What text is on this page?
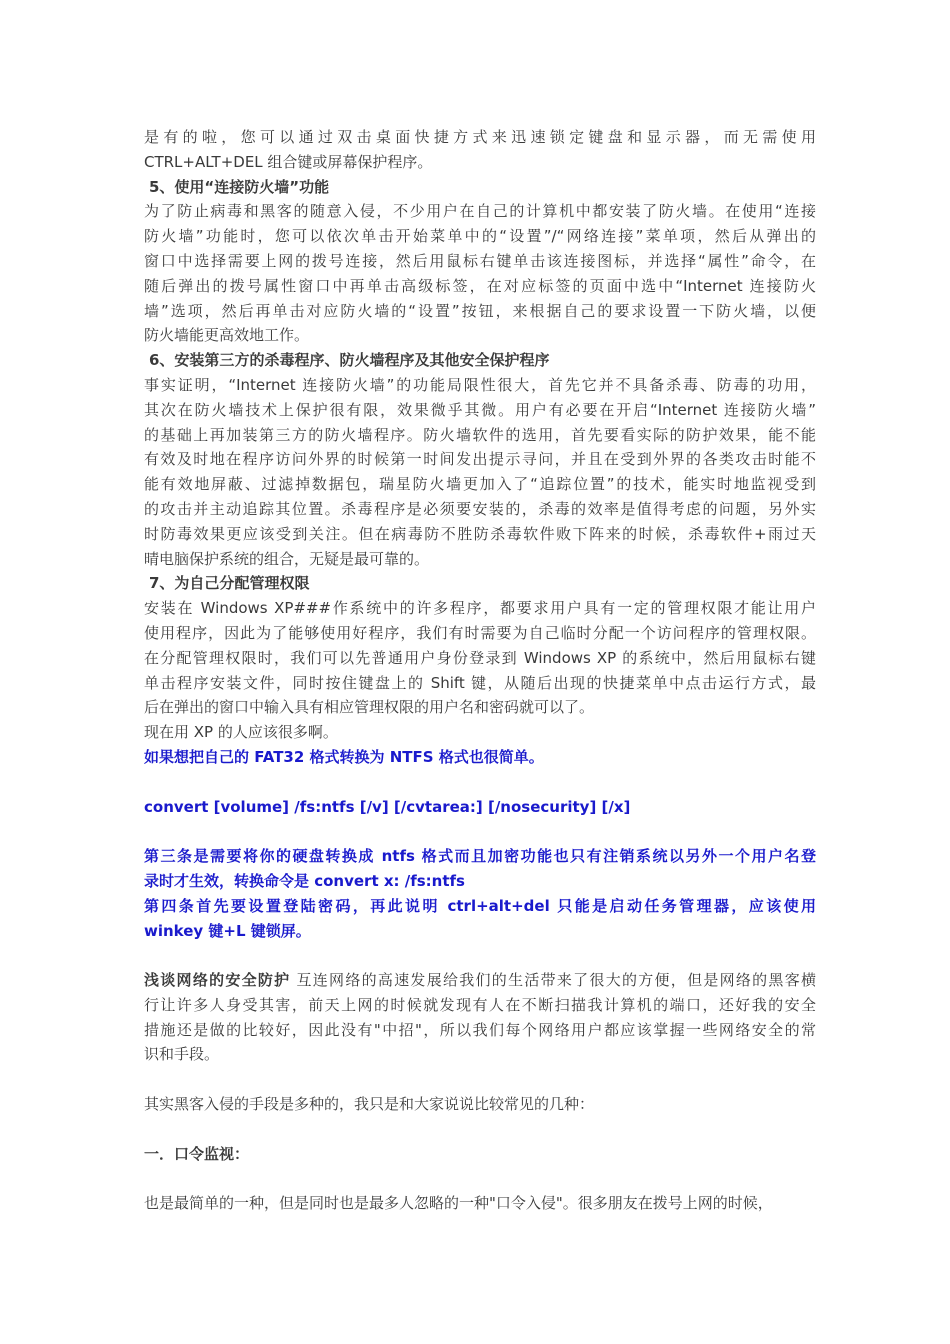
是有的啦，您可以通过双击桌面快捷方式来迅速锁定键盘和显示器，而无需使用
CTRL+ALT+DEL 组合键或屏幕保护程序。
5、使用“连接防火墙”功能
为了防止病毒和黑客的随意入侵，不少用户在自己的计算机中都安装了防火墙。在使用“连接
防火墙”功能时，您可以依次单击开始菜单中的“设置”/“网络连接”菜单项，然后从弹出的
窗口中选择需要上网的拨号连接，然后用鼠标右键单击该连接图标，并选择“属性”命令，在
随后弹出的拨号属性窗口中再单击高级标签，在对应标签的页面中选中“Internet 连接防火
墙”选项，然后再单击对应防火墙的“设置”按钮，来根据自己的要求设置一下防火墙，以便
防火墙能更高效地工作。
6、安装第三方的杀毒程序、防火墙程序及其他安全保护程序
事实证明，“Internet 连接防火墙”的功能局限性很大，首先它并不具备杀毒、防毒的功用，
其次在防火墙技术上保护很有限，效果微乎其微。用户有必要在开启“Internet 连接防火墙”
的基础上再加装第三方的防火墙程序。防火墙软件的选用，首先要看实际的防护效果，能不能
有效及时地在程序访问外界的时候第一时间发出提示寻问，并且在受到外界的各类攻击时能不
能有效地屏蔽、过滤掉数据包，瑞星防火墙更加入了“追踪位置”的技术，能实时地监视受到
的攻击并主动追踪其位置。杀毒程序是必须要安装的，杀毒的效率是值得考虑的问题，另外实
时防毒效果更应该受到关注。但在病毒防不胜防杀毒软件败下阵来的时候，杀毒软件+雨过天
晴电脑保护系统的组合，无疑是最可靠的。
7、为自己分配管理权限
安装在 Windows XP###作系统中的许多程序，都要求用户具有一定的管理权限才能让用户
使用程序，因此为了能够使用好程序，我们有时需要为自己临时分配一个访问程序的管理权限。
在分配管理权限时，我们可以先普通用户身份登录到 Windows XP 的系统中，然后用鼠标右键
单击程序安装文件，同时按住键盘上的 Shift 键，从随后出现的快捷菜单中点击运行方式，最
后在弹出的窗口中输入具有相应管理权限的用户名和密码就可以了。
现在用 XP 的人应该很多啊。
如果想把自己的 FAT32 格式转换为 NTFS 格式也很简单。
convert [volume] /fs:ntfs [/v] [/cvtarea:] [/nosecurity] [/x]
第三条是需要将你的硬盘转换成 ntfs 格式而且加密功能也只有注销系统以另外一个用户名登
录时才生效，转换命令是 convert x: /fs:ntfs
第四条首先要设置登陆密码，再此说明 ctrl+alt+del 只能是启动任务管理器，应该使用
winkey 键+L 键锁屏。
浅谈网络的安全防护 互连网络的高速发展给我们的生活带来了很大的方便，但是网络的黑客横
行让许多人身受其害，前天上网的时候就发现有人在不断扫描我计算机的端口，还好我的安全
措施还是做的比较好，因此没有"中招"，所以我们每个网络用户都应该掌握一些网络安全的常
识和手段。
其实黑客入侵的手段是多种的，我只是和大家说说比较常见的几种：
一．口令监视：
也是最简单的一种，但是同时也是最多人忽略的一种"口令入侵"。很多朋友在拨号上网的时候，
